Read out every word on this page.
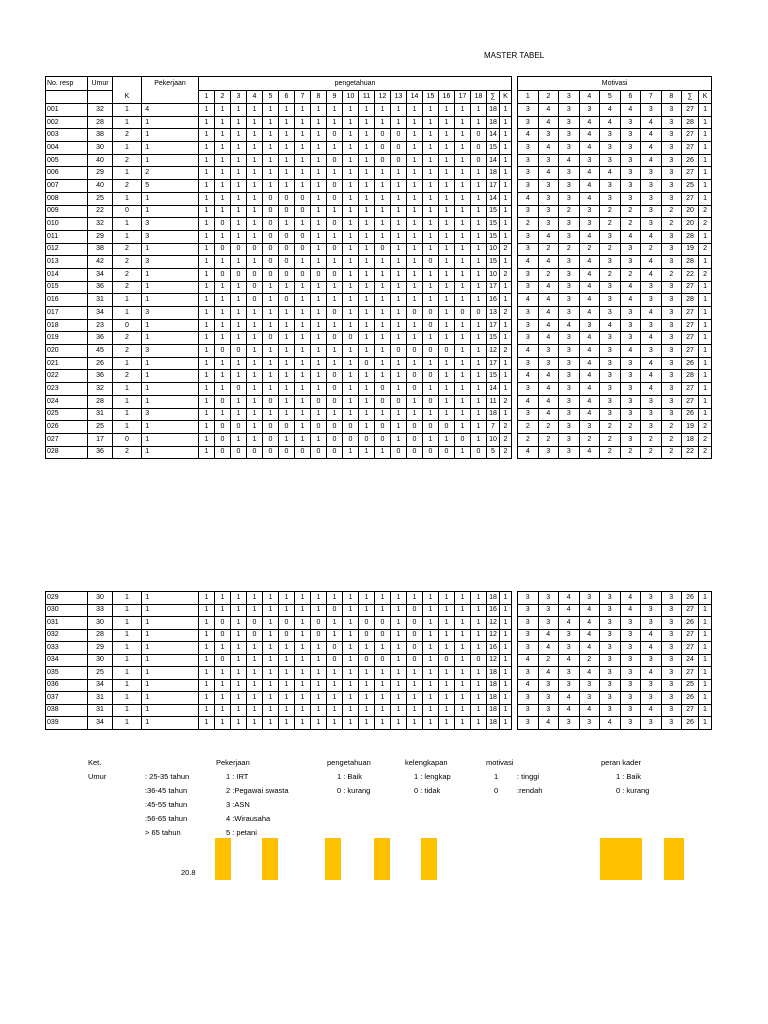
MASTER TABEL
No. resp	Umur		Pekerjaan		pengetahuan																					Motivasi									
		K			1	2	3	4	5	6	7	8	9	10	11	12	13	14	15	16	17	18	∑	K		1	2	3	4	5	6	7	8	∑	K
001	32	1	4		1	1	1	1	1	1	1	1	1	1	1	1	1	1	1	1	1	1	18	1		3	4	3	3	4	4	3	3	27	1
002	28	1	1		1	1	1	1	1	1	1	1	1	1	1	1	1	1	1	1	1	1	18	1		3	4	3	4	4	3	4	3	28	1
003	38	2	1		1	1	1	1	1	1	1	1	0	1	1	0	0	1	1	1	1	0	14	1		4	3	3	4	3	3	4	3	27	1
004	30	1	1		1	1	1	1	1	1	1	1	1	1	1	0	0	1	1	1	1	0	15	1		3	4	3	4	3	3	4	3	27	1
005	40	2	1		1	1	1	1	1	1	1	1	0	1	1	0	0	1	1	1	1	0	14	1		3	3	4	3	3	3	4	3	26	1
006	29	1	2		1	1	1	1	1	1	1	1	1	1	1	1	1	1	1	1	1	1	18	1		3	4	3	4	4	3	3	3	27	1
007	40	2	5		1	1	1	1	1	1	1	1	0	1	1	1	1	1	1	1	1	1	17	1		3	3	3	4	3	3	3	3	25	1
008	25	1	1		1	1	1	1	0	0	0	1	0	1	1	1	1	1	1	1	1	1	14	1		4	3	3	4	3	3	3	3	27	1
009	22	0	1		1	1	1	1	0	0	0	1	1	1	1	1	1	1	1	1	1	1	15	1		3	3	2	3	2	2	3	2	20	2
010	32	1	3		1	0	1	1	0	1	1	1	0	1	1	1	1	1	1	1	1	1	15	1		2	3	3	3	2	2	3	2	20	2
011	29	1	3		1	1	1	1	0	0	0	1	1	1	1	1	1	1	1	1	1	1	15	1		3	4	3	4	3	4	4	3	28	1
012	38	2	1		1	0	0	0	0	0	0	1	0	1	1	0	1	1	1	1	1	1	10	2		3	2	2	2	2	3	2	3	19	2
013	42	2	3		1	1	1	1	0	0	1	1	1	1	1	1	1	1	0	1	1	1	15	1		4	4	3	4	3	3	4	3	28	1
014	34	2	1		1	0	0	0	0	0	0	0	0	1	1	1	1	1	1	1	1	1	10	2		3	2	3	4	2	2	4	2	22	2
015	36	2	1		1	1	1	0	1	1	1	1	1	1	1	1	1	1	1	1	1	1	17	1		3	4	3	4	3	4	3	3	27	1
016	31	1	1		1	1	1	0	1	0	1	1	1	1	1	1	1	1	1	1	1	1	16	1		4	4	3	4	3	4	3	3	28	1
017	34	1	3		1	1	1	1	1	1	1	1	0	1	1	1	1	0	0	1	0	0	13	2		3	4	3	4	3	3	4	3	27	1
018	23	0	1		1	1	1	1	1	1	1	1	1	1	1	1	1	1	0	1	1	1	17	1		3	4	4	3	4	3	3	3	27	1
019	36	2	1		1	1	1	1	0	1	1	1	0	0	1	1	1	1	1	1	1	1	15	1		3	4	3	4	3	3	4	3	27	1
020	45	2	3		1	0	0	1	1	1	1	1	1	1	1	1	0	0	0	0	1	1	12	2		4	3	3	4	3	4	3	3	27	1
021	26	1	1		1	1	1	1	1	1	1	1	1	1	0	1	1	1	1	1	1	1	17	1		3	3	3	4	3	3	4	3	26	1
022	36	2	1		1	1	1	1	1	1	1	1	0	1	1	1	1	0	0	1	1	1	15	1		4	4	3	4	3	3	4	3	28	1
023	32	1	1		1	1	0	1	1	1	1	1	0	1	1	0	1	0	1	1	1	1	14	1		3	4	3	4	3	3	4	3	27	1
024	28	1	1		1	0	1	1	0	1	1	0	0	1	1	0	0	1	0	1	1	1	11	2		4	4	3	4	3	3	3	3	27	1
025	31	1	3		1	1	1	1	1	1	1	1	1	1	1	1	1	1	1	1	1	1	18	1		3	4	3	4	3	3	3	3	26	1
026	25	1	1		1	0	0	1	0	0	1	0	0	0	1	0	1	0	0	0	1	1	7	2		2	2	3	3	2	2	3	2	19	2
027	17	0	1		1	0	1	1	0	1	1	1	0	0	0	0	1	0	1	1	0	1	10	2		2	2	3	2	2	3	2	2	18	2
028	36	2	1		1	0	0	0	0	0	0	0	0	1	1	1	0	0	0	0	1	0	5	2		4	3	3	4	2	2	2	2	22	2
029	30	1	1		1	1	1	1	1	1	1	1	1	1	1	1	1	1	1	1	1	1	18	1		3	3	4	3	3	4	3	3	26	1
030	33	1	1		1	1	1	1	1	1	1	1	0	1	1	1	1	0	1	1	1	1	16	1		3	3	4	4	3	4	3	3	27	1
031	30	1	1		1	0	1	0	1	0	1	0	1	1	0	0	1	0	1	1	1	1	12	1		3	3	4	4	3	3	3	3	26	1
032	28	1	1		1	0	1	0	1	0	1	0	1	1	0	0	1	0	1	1	1	1	12	1		3	4	3	4	3	3	4	3	27	1
033	29	1	1		1	1	1	1	1	1	1	1	0	1	1	1	1	0	1	1	1	1	16	1		3	4	3	4	3	3	4	3	27	1
034	30	1	1		1	0	1	1	1	1	1	1	0	1	0	0	1	0	1	0	1	0	12	1		4	2	4	2	3	3	3	3	24	1
035	25	1	1		1	1	1	1	1	1	1	1	1	1	1	1	1	1	1	1	1	1	18	1		3	4	3	4	3	3	4	3	27	1
036	34	1	1		1	1	1	1	1	1	1	1	1	1	1	1	1	1	1	1	1	1	18	1		4	3	3	3	3	3	3	3	25	1
037	31	1	1		1	1	1	1	1	1	1	1	1	1	1	1	1	1	1	1	1	1	18	1		3	3	4	3	3	3	3	3	26	1
038	31	1	1		1	1	1	1	1	1	1	1	1	1	1	1	1	1	1	1	1	1	18	1		3	3	4	4	3	3	4	3	27	1
039	34	1	1		1	1	1	1	1	1	1	1	1	1	1	1	1	1	1	1	1	1	18	1		3	4	3	3	4	3	3	3	26	1
Ket.
Umur	: 25-35 tahun
:36-45 tahun
:45-55 tahun
:56-65 tahun
> 65 tahun
Pekerjaan
1 : IRT
2 :Pegawai swasta
3 :ASN
4 :Wirausaha
5 : petani
pengetahuan
1 : Baik
0 : kurang
kelengkapan
1 : lengkap
0 : tidak
motivasi
1
0
: tinggi
:rendah
peran kader
1 : Baik
0 : kurang
20.8
